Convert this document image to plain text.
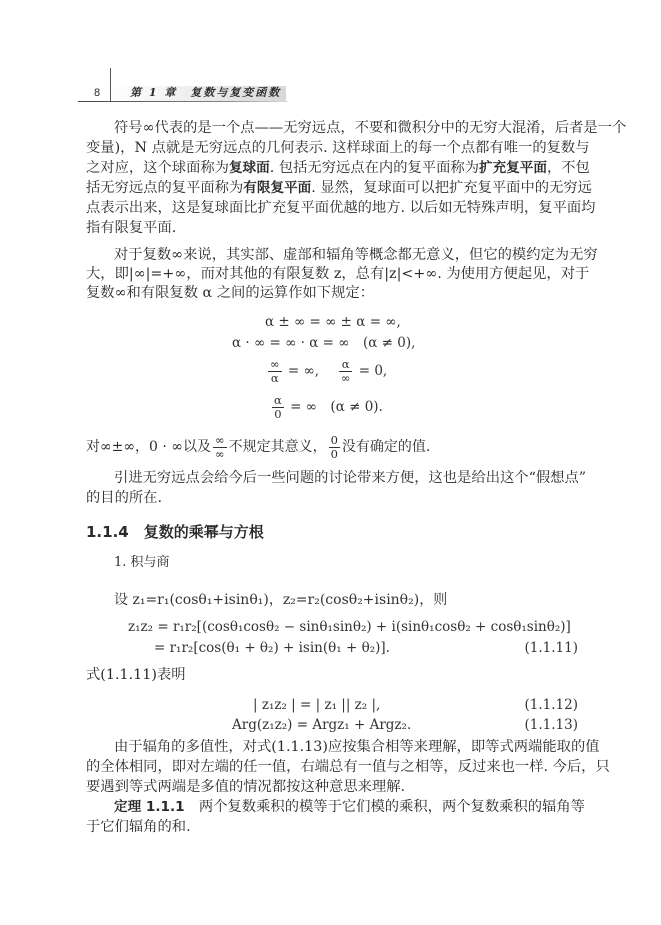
8	第 1 章　复数与复变函数
符号∞代表的是一个点——无穷远点，不要和微积分中的无穷大混淆，后者是一个
变量)，N 点就是无穷远点的几何表示. 这样球面上的每一个点都有唯一的复数与
之对应，这个球面称为复球面. 包括无穷远点在内的复平面称为扩充复平面，不包
括无穷远点的复平面称为有限复平面. 显然，复球面可以把扩充复平面中的无穷远
点表示出来，这是复球面比扩充复平面优越的地方. 以后如无特殊声明，复平面均
指有限复平面.
对于复数∞来说，其实部、虚部和辐角等概念都无意义，但它的模约定为无穷
大，即|∞|=+∞，而对其他的有限复数 z，总有|z|<+∞. 为使用方便起见，对于
复数∞和有限复数 α 之间的运算作如下规定：
α ± ∞ = ∞ ± α = ∞,
α · ∞ = ∞ · α = ∞　(α ≠ 0),
$\frac{\infty}{\alpha}$ = ∞,  $\frac{\alpha}{\infty} = 0$,
$\frac{\alpha}{0}$ = ∞　(α ≠ 0).
对∞±∞，0 · ∞以及 $\frac{\infty}{\infty}$ 不规定其意义， $\frac{0}{0}$ 没有确定的值.
引进无穷远点会给今后一些问题的讨论带来方便，这也是给出这个“假想点”
的目的所在.
1.1.4  复数的乘幂与方根
1. 积与商
设 z₁=r₁(cosθ₁+isinθ₁)，z₂=r₂(cosθ₂+isinθ₂)，则
z₁z₂ = r₁r₂[(cosθ₁cosθ₂ − sinθ₁sinθ₂) + i(sinθ₁cosθ₂ + cosθ₁sinθ₂)]
= r₁r₂[cos(θ₁ + θ₂) + isin(θ₁ + θ₂)].	(1.1.11)
式(1.1.11)表明
| z₁z₂ | = | z₁ || z₂ |,	(1.1.12)
Arg(z₁z₂) = Argz₁ + Argz₂.	(1.1.13)
由于辐角的多值性，对式(1.1.13)应按集合相等来理解，即等式两端能取的值
的全体相同，即对左端的任一值，右端总有一值与之相等，反过来也一样. 今后，只
要遇到等式两端是多值的情况都按这种意思来理解.
定理 1.1.1　两个复数乘积的模等于它们模的乘积，两个复数乘积的辐角等
于它们辐角的和.
